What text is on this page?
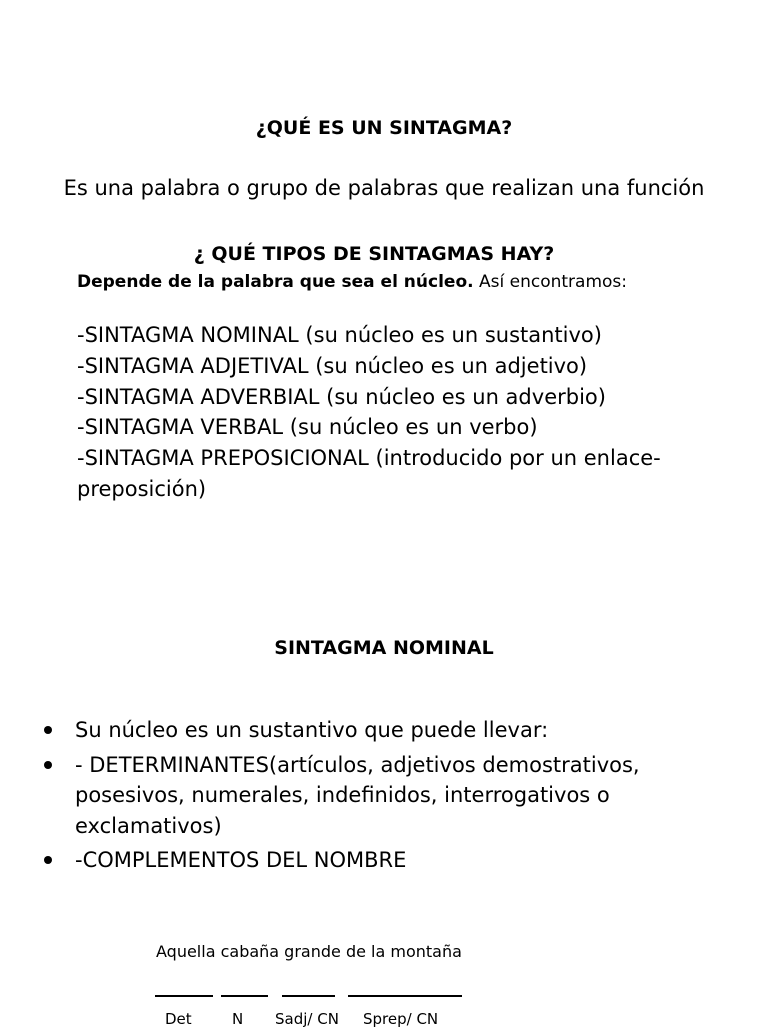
¿QUÉ ES UN SINTAGMA?
Es una palabra o grupo de palabras que realizan una función
¿ QUÉ TIPOS DE SINTAGMAS HAY?
Depende de la palabra que sea el núcleo. Así encontramos:
-SINTAGMA NOMINAL (su núcleo es un sustantivo)
-SINTAGMA ADJETIVAL (su núcleo es un adjetivo)
-SINTAGMA ADVERBIAL (su núcleo es un adverbio)
-SINTAGMA VERBAL (su núcleo es un verbo)
-SINTAGMA PREPOSICIONAL (introducido por un enlace-
preposición)
SINTAGMA NOMINAL
Su núcleo es un sustantivo que puede llevar:
- DETERMINANTES(artículos, adjetivos demostrativos,
posesivos, numerales, indefinidos, interrogativos o
exclamativos)
-COMPLEMENTOS DEL NOMBRE
Aquella cabaña grande de la montaña
Det	N Sadj/ CN Sprep/ CN
